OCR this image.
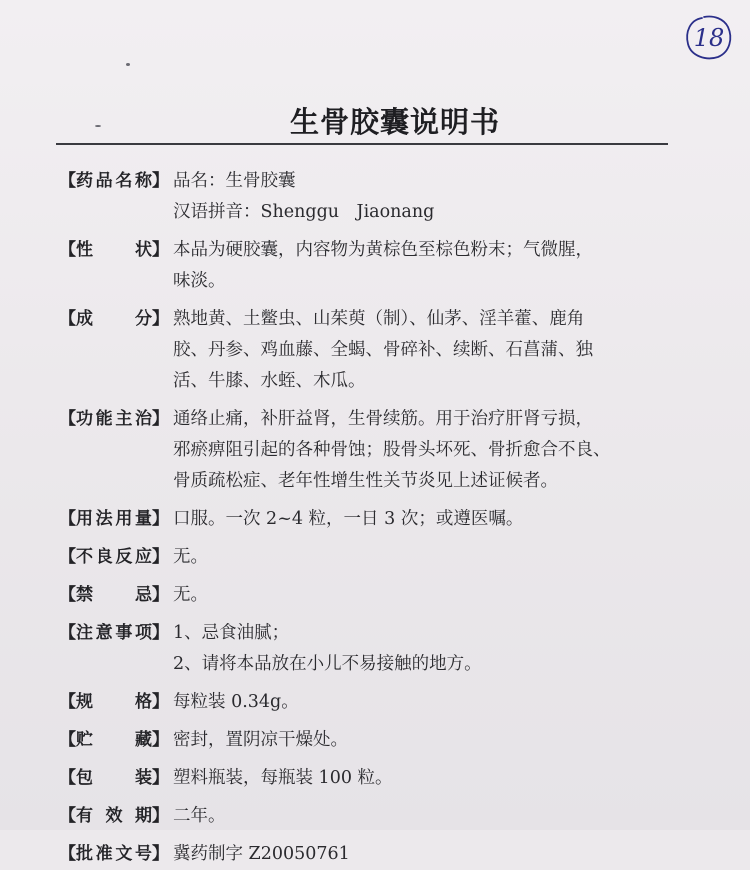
18
生骨胶囊说明书
【药 品 名 称】 品名：生骨胶囊
汉语拼音：Shenggu　Jiaonang
【性 状】 本品为硬胶囊，内容物为黄棕色至棕色粉末；气微腥，
味淡。
【成 分】 熟地黄、土鳖虫、山茱萸（制）、仙茅、淫羊藿、鹿角
胶、丹参、鸡血藤、全蝎、骨碎补、续断、石菖蒲、独
活、牛膝、水蛭、木瓜。
【功 能 主 治】 通络止痛，补肝益肾，生骨续筋。用于治疗肝肾亏损，
邪瘀痹阻引起的各种骨蚀；股骨头坏死、骨折愈合不良、
骨质疏松症、老年性增生性关节炎见上述证候者。
【用 法 用 量】 口服。一次 2~4 粒，一日 3 次；或遵医嘱。
【不 良 反 应】 无。
【禁 忌】 无。
【注 意 事 项】 1、忌食油腻；
2、请将本品放在小儿不易接触的地方。
【规 格】 每粒装 0.34g。
【贮 藏】 密封，置阴凉干燥处。
【包 装】 塑料瓶装，每瓶装 100 粒。
【有 效 期】 二年。
【批 准 文 号】 冀药制字 Z20050761
